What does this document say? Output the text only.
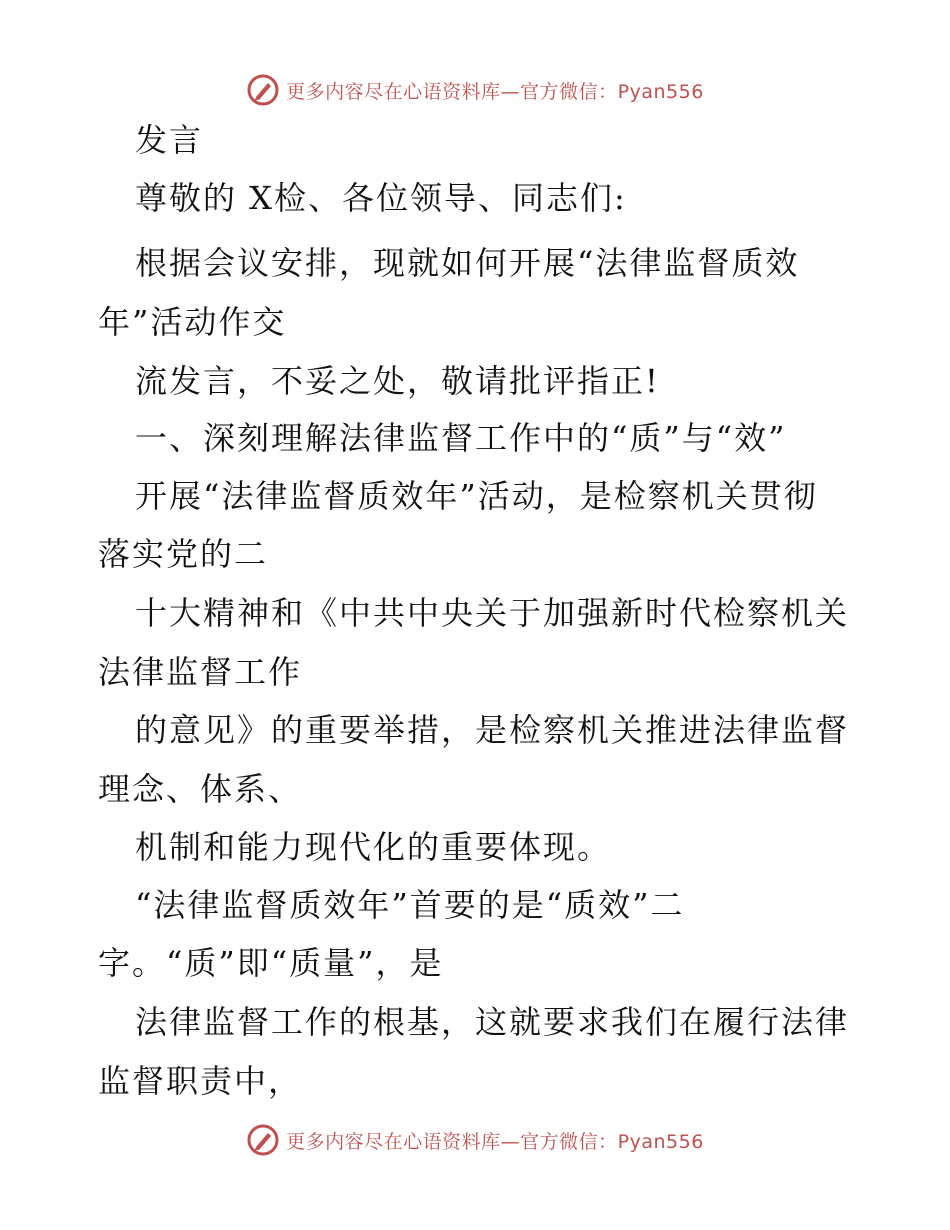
更多内容尽在心语资料库—官方微信：Pyan556
发言
尊敬的 X检、各位领导、同志们:
根据会议安排，现就如何开展“法律监督质效
年”活动作交
流发言，不妥之处，敬请批评指正!
一、深刻理解法律监督工作中的“质”与“效”
开展“法律监督质效年”活动，是检察机关贯彻
落实党的二
十大精神和《中共中央关于加强新时代检察机关
法律监督工作
的意见》的重要举措，是检察机关推进法律监督
理念、体系、
机制和能力现代化的重要体现。
“法律监督质效年”首要的是“质效”二
字。“质”即“质量”，是
法律监督工作的根基，这就要求我们在履行法律
监督职责中，
更多内容尽在心语资料库—官方微信：Pyan556
